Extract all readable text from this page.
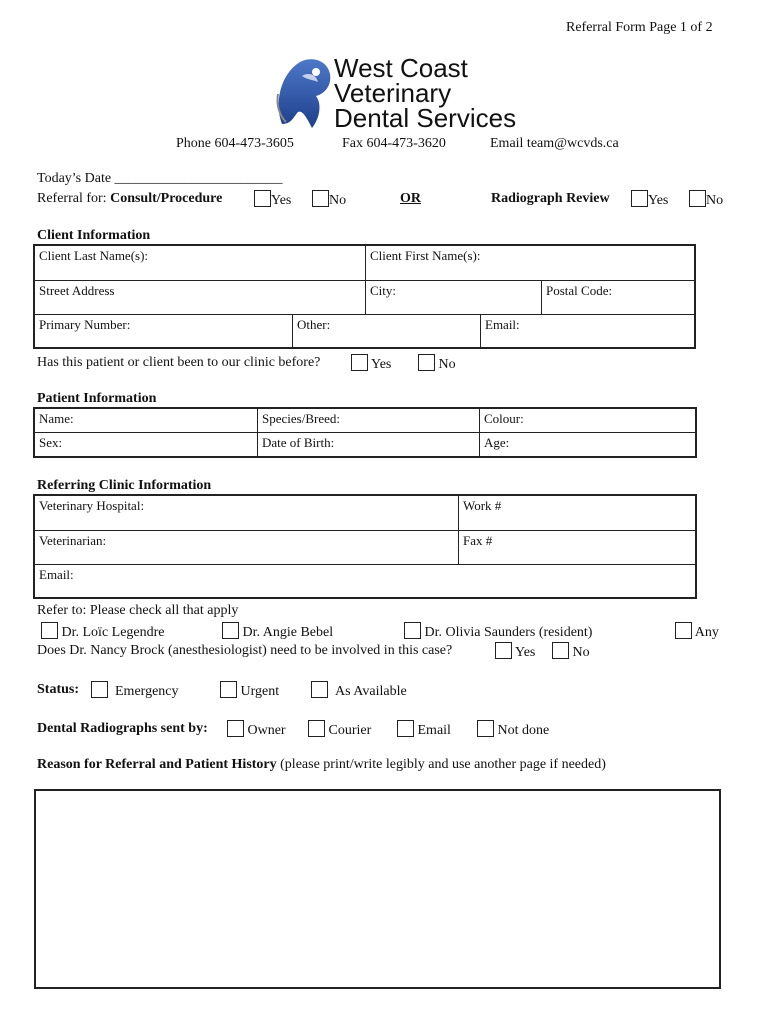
Referral Form Page 1 of 2
West Coast
Veterinary
Dental Services
Phone 604-473-3605	Fax 604-473-3620	Email team@wcvds.ca
Today’s Date ________________________
Referral for: Consult/Procedure	Yes	No	OR	Radiograph Review	Yes	No
Client Information
Client Last Name(s):	Client First Name(s):
Street Address	City:	Postal Code:
Primary Number:	Other:	Email:
Has this patient or client been to our clinic before?	Yes	No
Patient Information
Name:	Species/Breed:	Colour:
Sex:	Date of Birth:	Age:
Referring Clinic Information
Veterinary Hospital:	Work #
Veterinarian:	Fax #
Email:
Refer to: Please check all that apply
Dr. Loïc Legendre	Dr. Angie Bebel	Dr. Olivia Saunders (resident)	Any
Does Dr. Nancy Brock (anesthesiologist) need to be involved in this case?	Yes	No
Status:	Emergency	Urgent	As Available
Dental Radiographs sent by:	Owner	Courier	Email	Not done
Reason for Referral and Patient History (please print/write legibly and use another page if needed)
